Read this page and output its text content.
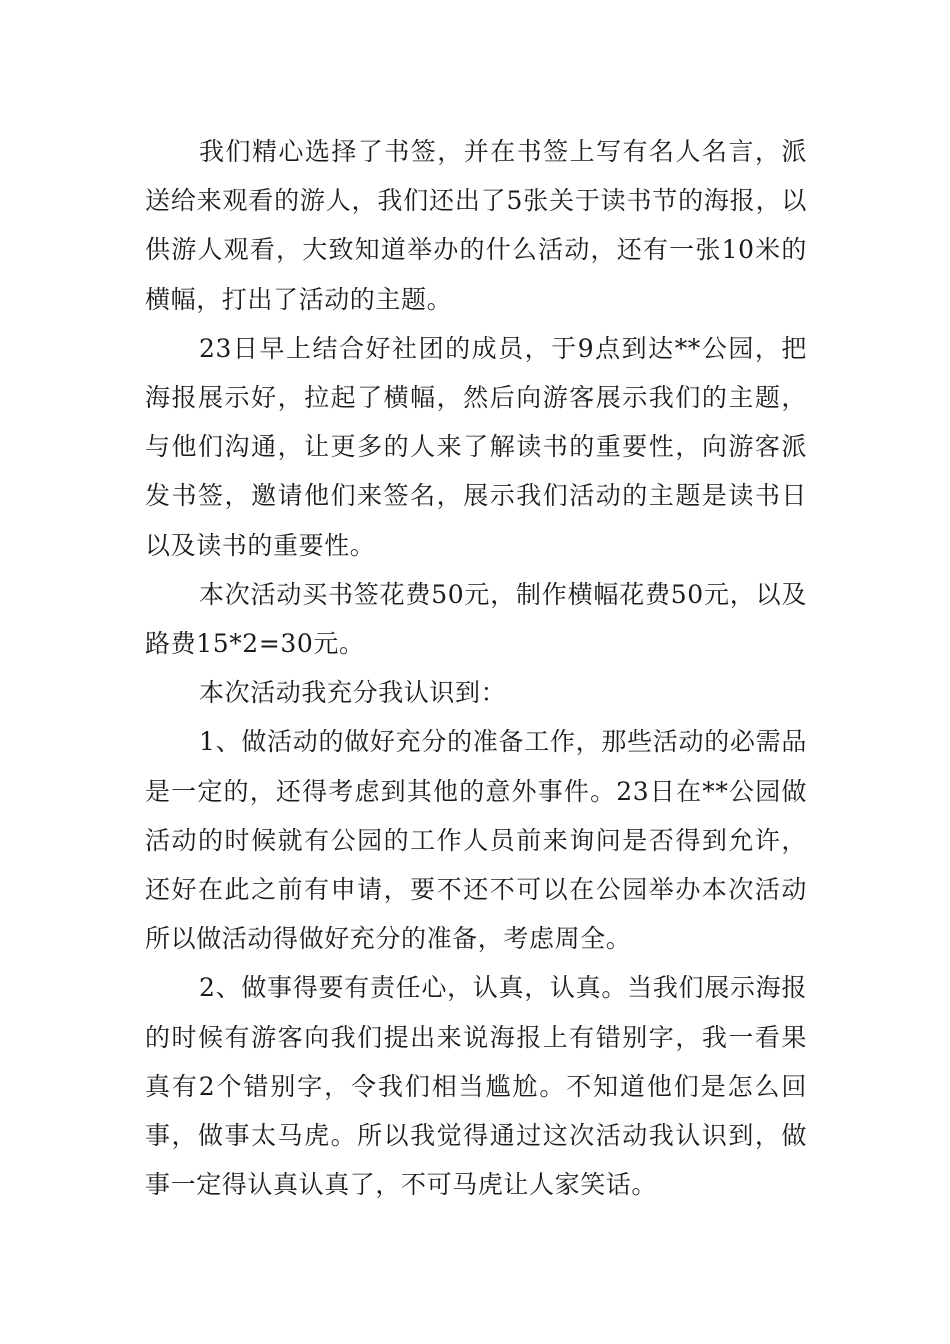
我们精心选择了书签，并在书签上写有名人名言，派送给来观看的游人，我们还出了5张关于读书节的海报，以供游人观看，大致知道举办的什么活动，还有一张10米的横幅，打出了活动的主题。

23日早上结合好社团的成员，于9点到达**公园，把海报展示好，拉起了横幅，然后向游客展示我们的主题，与他们沟通，让更多的人来了解读书的重要性，向游客派发书签，邀请他们来签名，展示我们活动的主题是读书日以及读书的重要性。

本次活动买书签花费50元，制作横幅花费50元，以及路费15*2=30元。

本次活动我充分我认识到：

1、做活动的做好充分的准备工作，那些活动的必需品是一定的，还得考虑到其他的意外事件。23日在**公园做活动的时候就有公园的工作人员前来询问是否得到允许，还好在此之前有申请，要不还不可以在公园举办本次活动所以做活动得做好充分的准备，考虑周全。

2、做事得要有责任心，认真，认真。当我们展示海报的时候有游客向我们提出来说海报上有错别字，我一看果真有2个错别字，令我们相当尴尬。不知道他们是怎么回事，做事太马虎。所以我觉得通过这次活动我认识到，做事一定得认真认真了，不可马虎让人家笑话。
